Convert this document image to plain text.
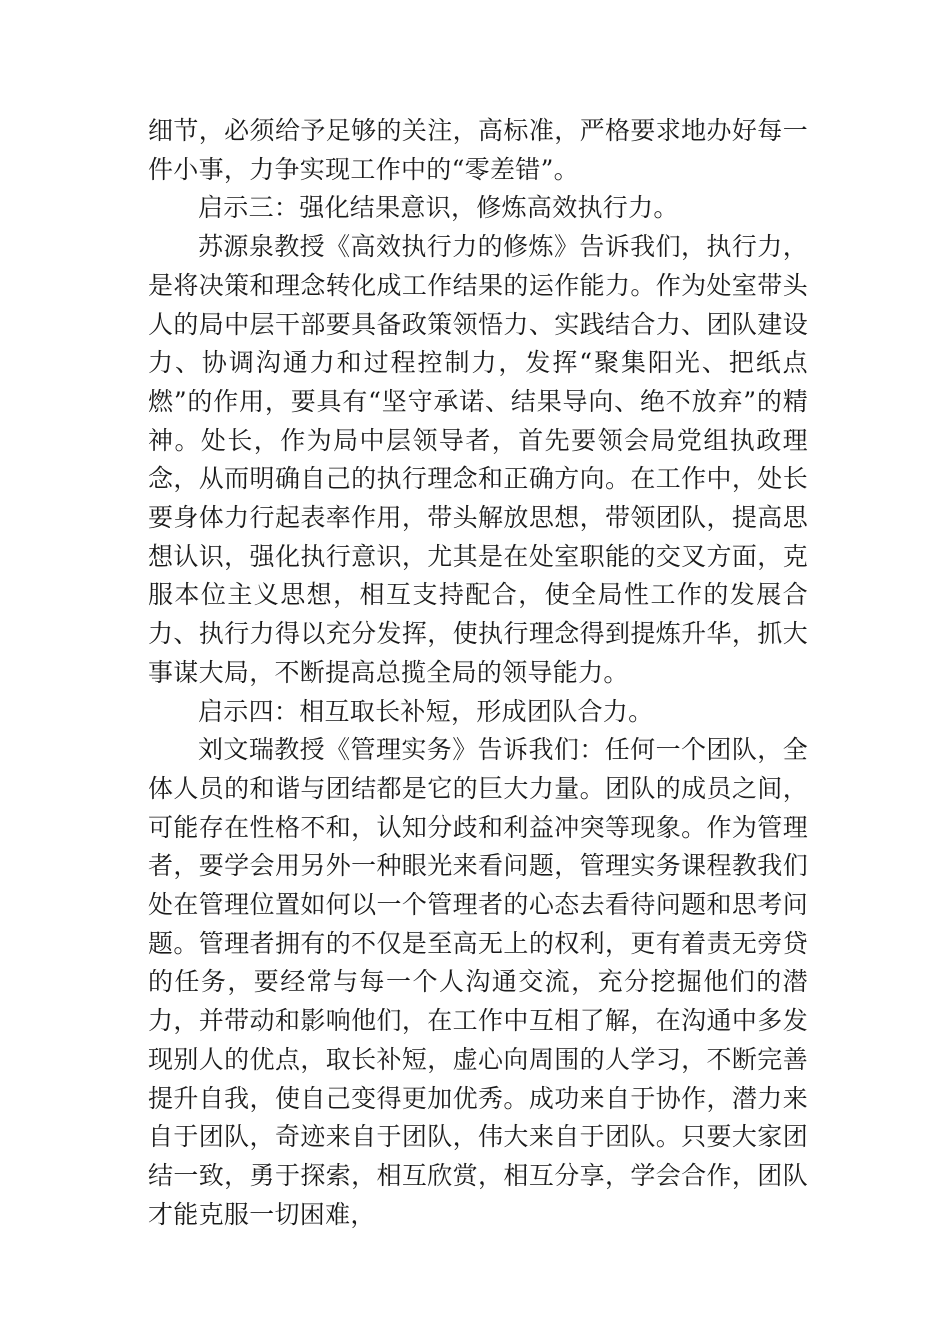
细节，必须给予足够的关注，高标准，严格要求地办好每一件小事，力争实现工作中的“零差错”。

启示三：强化结果意识，修炼高效执行力。

苏源泉教授《高效执行力的修炼》告诉我们，执行力，是将决策和理念转化成工作结果的运作能力。作为处室带头人的局中层干部要具备政策领悟力、实践结合力、团队建设力、协调沟通力和过程控制力，发挥“聚集阳光、把纸点燃”的作用，要具有“坚守承诺、结果导向、绝不放弃”的精神。处长，作为局中层领导者，首先要领会局党组执政理念，从而明确自己的执行理念和正确方向。在工作中，处长要身体力行起表率作用，带头解放思想，带领团队，提高思想认识，强化执行意识，尤其是在处室职能的交叉方面，克服本位主义思想，相互支持配合，使全局性工作的发展合力、执行力得以充分发挥，使执行理念得到提炼升华，抓大事谋大局，不断提高总揽全局的领导能力。

启示四：相互取长补短，形成团队合力。

刘文瑞教授《管理实务》告诉我们：任何一个团队，全体人员的和谐与团结都是它的巨大力量。团队的成员之间，可能存在性格不和，认知分歧和利益冲突等现象。作为管理者，要学会用另外一种眼光来看问题，管理实务课程教我们处在管理位置如何以一个管理者的心态去看待问题和思考问题。管理者拥有的不仅是至高无上的权利，更有着责无旁贷的任务，要经常与每一个人沟通交流，充分挖掘他们的潜力，并带动和影响他们，在工作中互相了解，在沟通中多发现别人的优点，取长补短，虚心向周围的人学习，不断完善提升自我，使自己变得更加优秀。成功来自于协作，潜力来自于团队，奇迹来自于团队，伟大来自于团队。只要大家团结一致，勇于探索，相互欣赏，相互分享，学会合作，团队才能克服一切困难，
